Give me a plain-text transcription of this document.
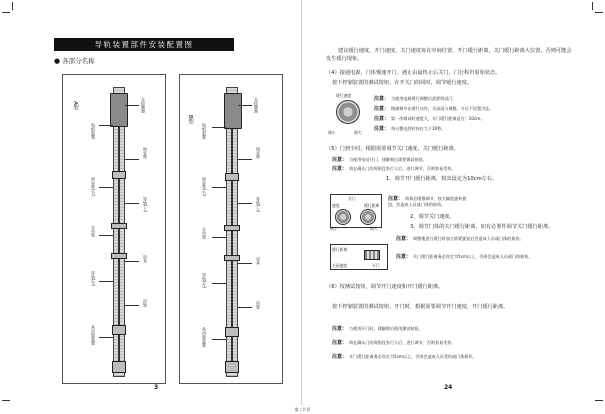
导轨装置部件安装配置图
● 各部分名称
A型	主控制器
电机装置
同步带
同步带(右)
导轨(上)
主动轮
吊具
导轨(左)
从动轮装置
吊轮
B型
主控制器
电机装置
同步带
同步带(右)
导轨(上)
主动轮
吊具
导轨(左)
从动轮装置
吊轮
3
建议缓行速度，开门速度，关门速度每在中间位置，开门缓行距离，关门缓行距离大位置，否则可能会发生缓行现象。
（4）接通电源，门体慢速开门，遇止由最终止后关门，门行程归原始状态。
按下控制装置的测试按钮，在开关门的同时，调节缓行速度。
缓行速度
调小	调大
注意： 当使用电源缓行调整后需要调试门。
注意： 慢速调节在缓行动作，关闭再与调整。开后不设置为佳。
注意： 第一次调试时速度大，开门缓行距离是在：10cm。
注意： 每台整电控时间在大于10秒。
（5）门到全时，根据需要调节关门速度，关门缓行距离。
注意： 当使用电动开门，建解吸后需要调试按钮。
注意： 请在确认门的周围没有行人后，进行调节，否则容易受伤。
1、调节开门缓行距离，将其设定为10cm左右。
关门
速度	缓行距离
调小	调大
注意： 请务必缓慢调节，按大幅度旋转旋钮，会造成人员或门体的损伤。
2、调节关门速度。
3、调节门体的关门缓行距离，如有必要件调节关门缓行距离。
缓行距离
关闭速度	开门
注意： 调整地进行缓行时加大锁紧旋钮后会造成人员或门体的损伤。
注意： 关门缓行距离务必设定为5cm以上，否则会造成人员或门体损伤。
（6）按测试按钮，调节开门速度和开门缓行距离。
按下控制装置的测试按钮，开门时，根据需要调节开门速度，开门缓行距离。
注意： 当使用开门时，建解除后使用测试按钮。
注意： 请在确认门的周围没有行人后，进行调节，否则容易受伤。
注意： 开门缓行距离务必设定为5cm以上，否则会造成人员受伤或门体损坏。
24
第二片吊
